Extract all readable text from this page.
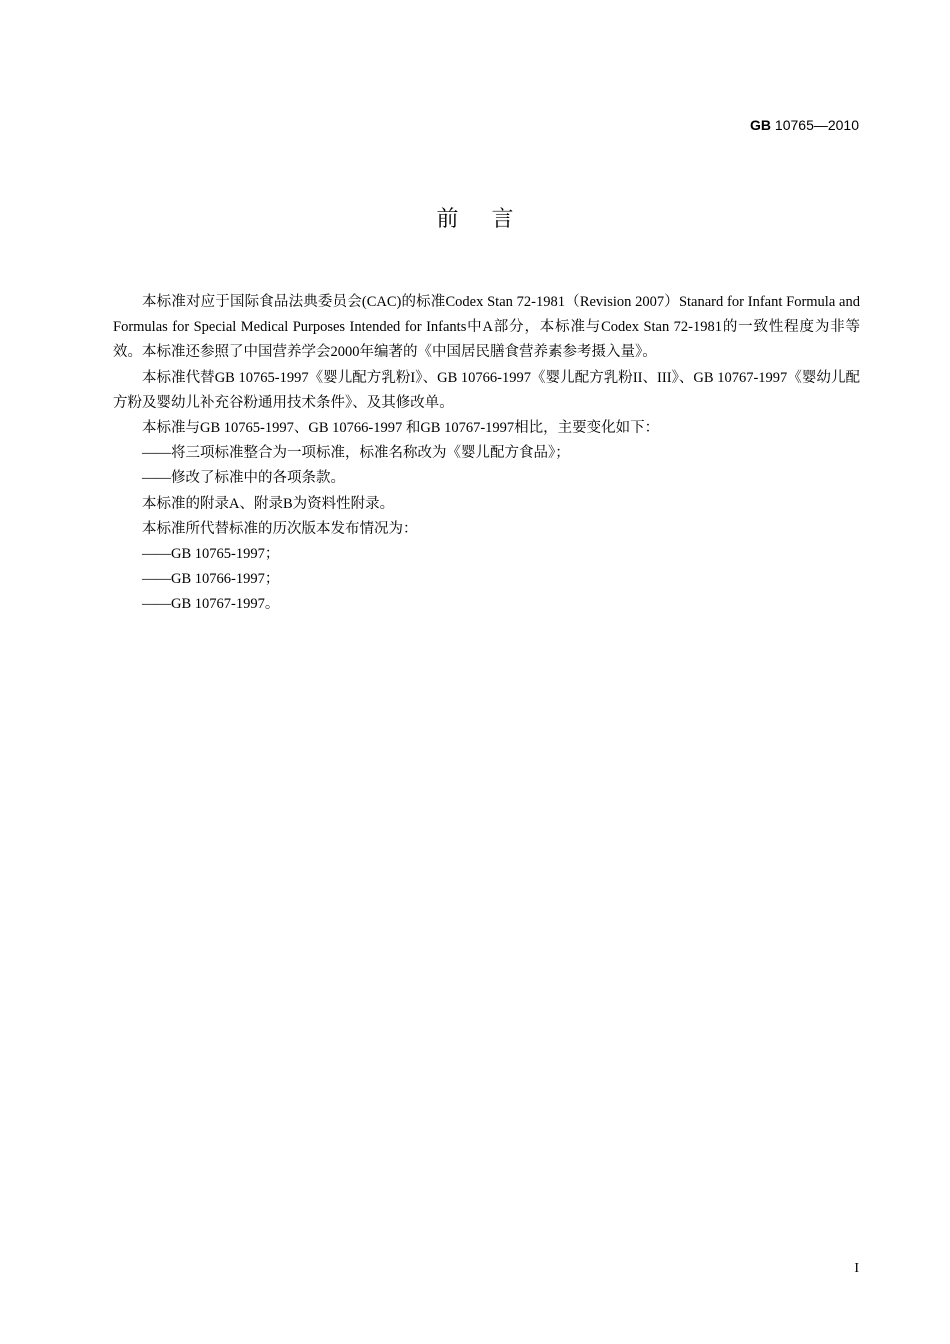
GB 10765—2010
前言

本标准对应于国际食品法典委员会(CAC)的标准Codex Stan 72-1981（Revision 2007）Stanard for Infant Formula and Formulas for Special Medical Purposes Intended for Infants中A部分，本标准与Codex Stan 72-1981的一致性程度为非等效。本标准还参照了中国营养学会2000年编著的《中国居民膳食营养素参考摄入量》。

本标准代替GB 10765-1997《婴儿配方乳粉I》、GB 10766-1997《婴儿配方乳粉II、III》、GB 10767-1997《婴幼儿配方粉及婴幼儿补充谷粉通用技术条件》、及其修改单。

本标准与GB 10765-1997、GB 10766-1997 和GB 10767-1997相比，主要变化如下：

——将三项标准整合为一项标准，标准名称改为《婴儿配方食品》；

——修改了标准中的各项条款。

本标准的附录A、附录B为资料性附录。

本标准所代替标准的历次版本发布情况为：

——GB 10765-1997；

——GB 10766-1997；

——GB 10767-1997。

I
